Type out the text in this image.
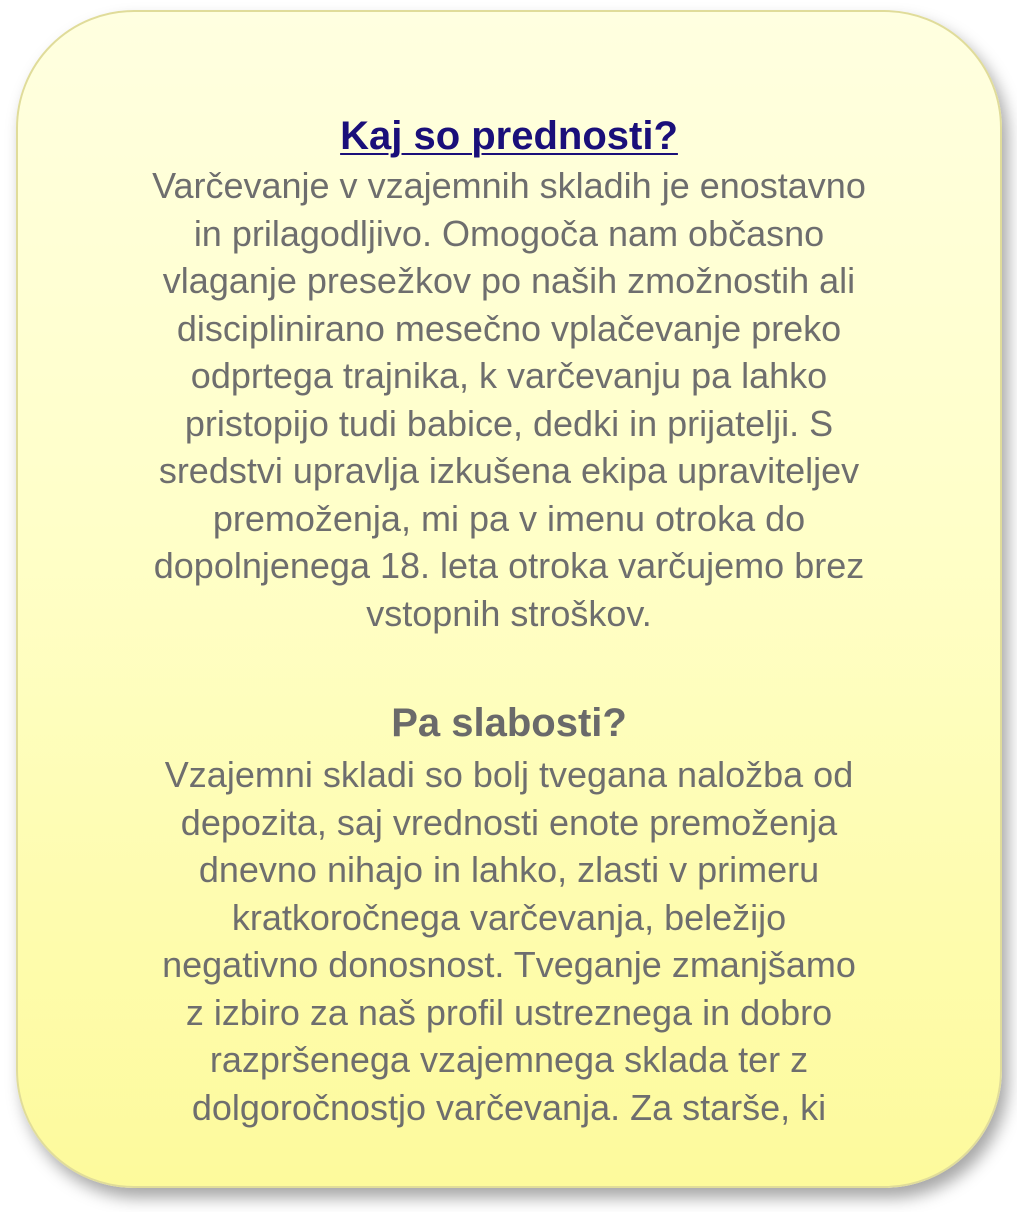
Kaj so prednosti?
Varčevanje v vzajemnih skladih je enostavno
in prilagodljivo. Omogoča nam občasno
vlaganje presežkov po naših zmožnostih ali
disciplinirano mesečno vplačevanje preko
odprtega trajnika, k varčevanju pa lahko
pristopijo tudi babice, dedki in prijatelji. S
sredstvi upravlja izkušena ekipa upraviteljev
premoženja, mi pa v imenu otroka do
dopolnjenega 18. leta otroka varčujemo brez
vstopnih stroškov.
Pa slabosti?
Vzajemni skladi so bolj tvegana naložba od
depozita, saj vrednosti enote premoženja
dnevno nihajo in lahko, zlasti v primeru
kratkoročnega varčevanja, beležijo
negativno donosnost. Tveganje zmanjšamo
z izbiro za naš profil ustreznega in dobro
razpršenega vzajemnega sklada ter z
dolgoročnostjo varčevanja. Za starše, ki
